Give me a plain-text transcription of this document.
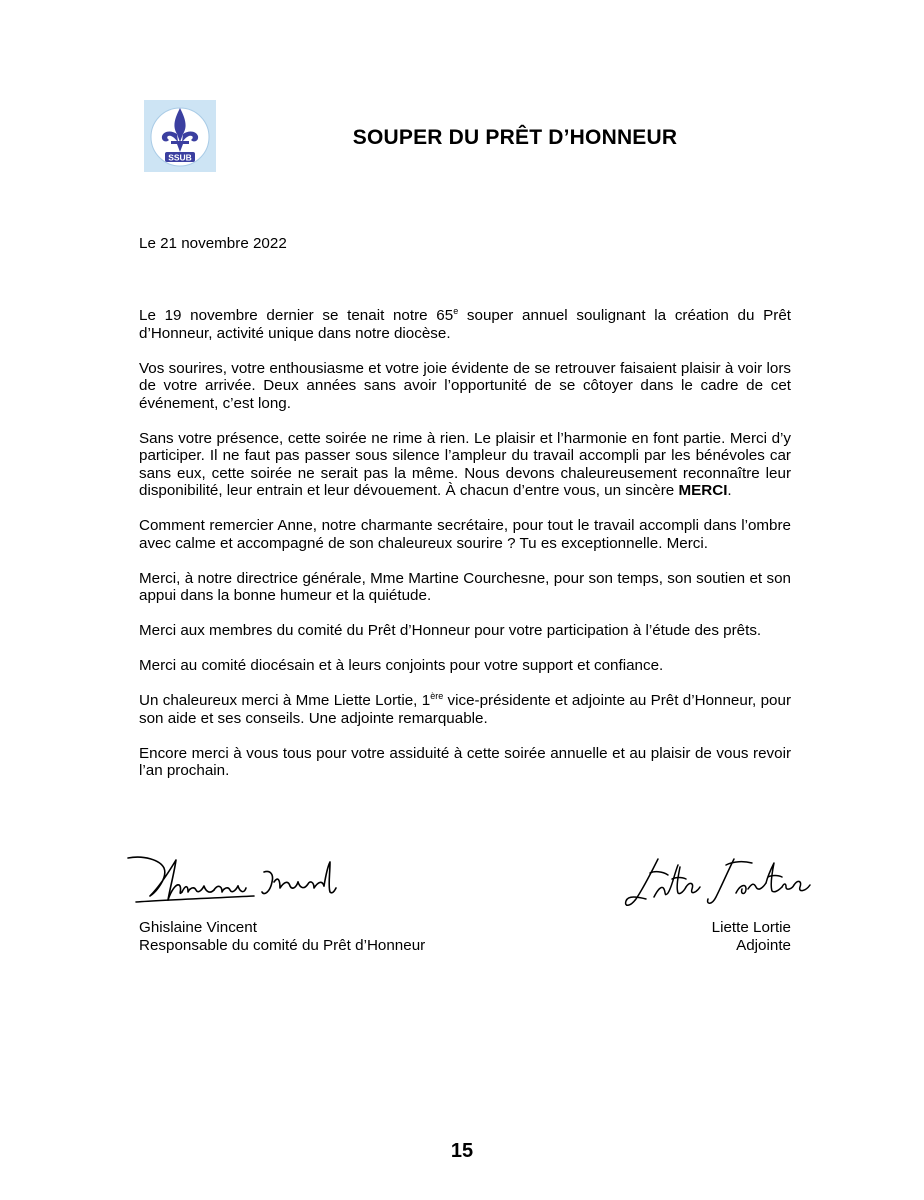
SSUB
SOUPER DU PRÊT D’HONNEUR
Le 21 novembre 2022

Le 19 novembre dernier se tenait notre 65e souper annuel soulignant la création du Prêt d’Honneur, activité unique dans notre diocèse.

Vos sourires, votre enthousiasme et votre joie évidente de se retrouver faisaient plaisir à voir lors de votre arrivée. Deux années sans avoir l’opportunité de se côtoyer dans le cadre de cet événement, c’est long.

Sans votre présence, cette soirée ne rime à rien. Le plaisir et l’harmonie en font partie. Merci d’y participer. Il ne faut pas passer sous silence l’ampleur du travail accompli par les bénévoles car sans eux, cette soirée ne serait pas la même. Nous devons chaleureusement reconnaître leur disponibilité, leur entrain et leur dévouement. À chacun d’entre vous, un sincère MERCI.

Comment remercier Anne, notre charmante secrétaire, pour tout le travail accompli dans l’ombre avec calme et accompagné de son chaleureux sourire ? Tu es exceptionnelle. Merci.

Merci, à notre directrice générale, Mme Martine Courchesne, pour son temps, son soutien et son appui dans la bonne humeur et la quiétude.

Merci aux membres du comité du Prêt d’Honneur pour votre participation à l’étude des prêts.

Merci au comité diocésain et à leurs conjoints pour votre support et confiance.

Un chaleureux merci à Mme Liette Lortie, 1ère vice-présidente et adjointe au Prêt d’Honneur, pour son aide et ses conseils. Une adjointe remarquable.

Encore merci à vous tous pour votre assiduité à cette soirée annuelle et au plaisir de vous revoir l’an prochain.

Ghislaine Vincent
Responsable du comité du Prêt d’Honneur
Liette Lortie
Adjointe
15
